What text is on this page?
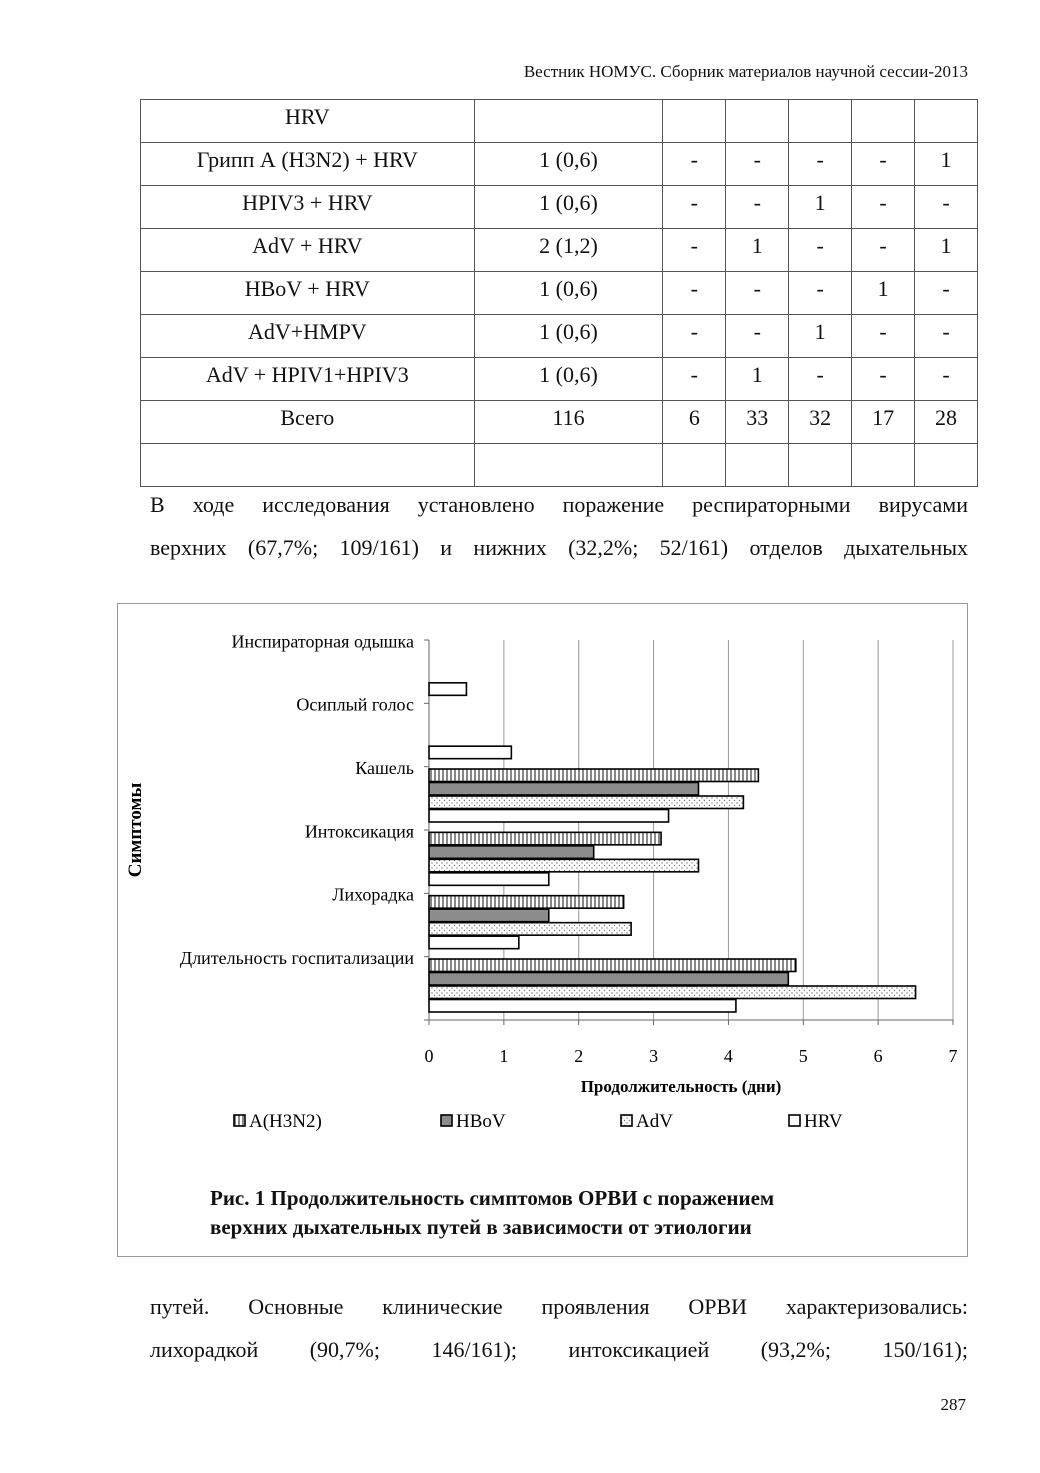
Вестник НОМУС. Сборник материалов научной сессии-2013
HRV						
Грипп А (H3N2) + HRV	1 (0,6)	-	-	-	-	1
HPIV3 + HRV	1 (0,6)	-	-	1	-	-
AdV + HRV	2 (1,2)	-	1	-	-	1
HBoV + HRV	1 (0,6)	-	-	-	1	-
AdV+HMPV	1 (0,6)	-	-	1	-	-
AdV + HPIV1+HPIV3	1 (0,6)	-	1	-	-	-
Всего	116	6	33	32	17	28

В ходе исследования установлено поражение респираторными вирусами
верхних (67,7%; 109/161) и нижних (32,2%; 52/161) отделов дыхательных
0	1	2	3	4	5	6	7
Инспираторная одышка
Осиплый голос
Кашель
Интоксикация
Лихорадка
Длительность госпитализации
Продолжительность (дни)
Симптомы
A(H3N2)	HBoV	AdV	HRV
Рис. 1 Продолжительность симптомов ОРВИ с поражением
верхних дыхательных путей в зависимости от этиологии
путей. Основные клинические проявления ОРВИ характеризовались:
лихорадкой (90,7%; 146/161); интоксикацией (93,2%; 150/161);
287
